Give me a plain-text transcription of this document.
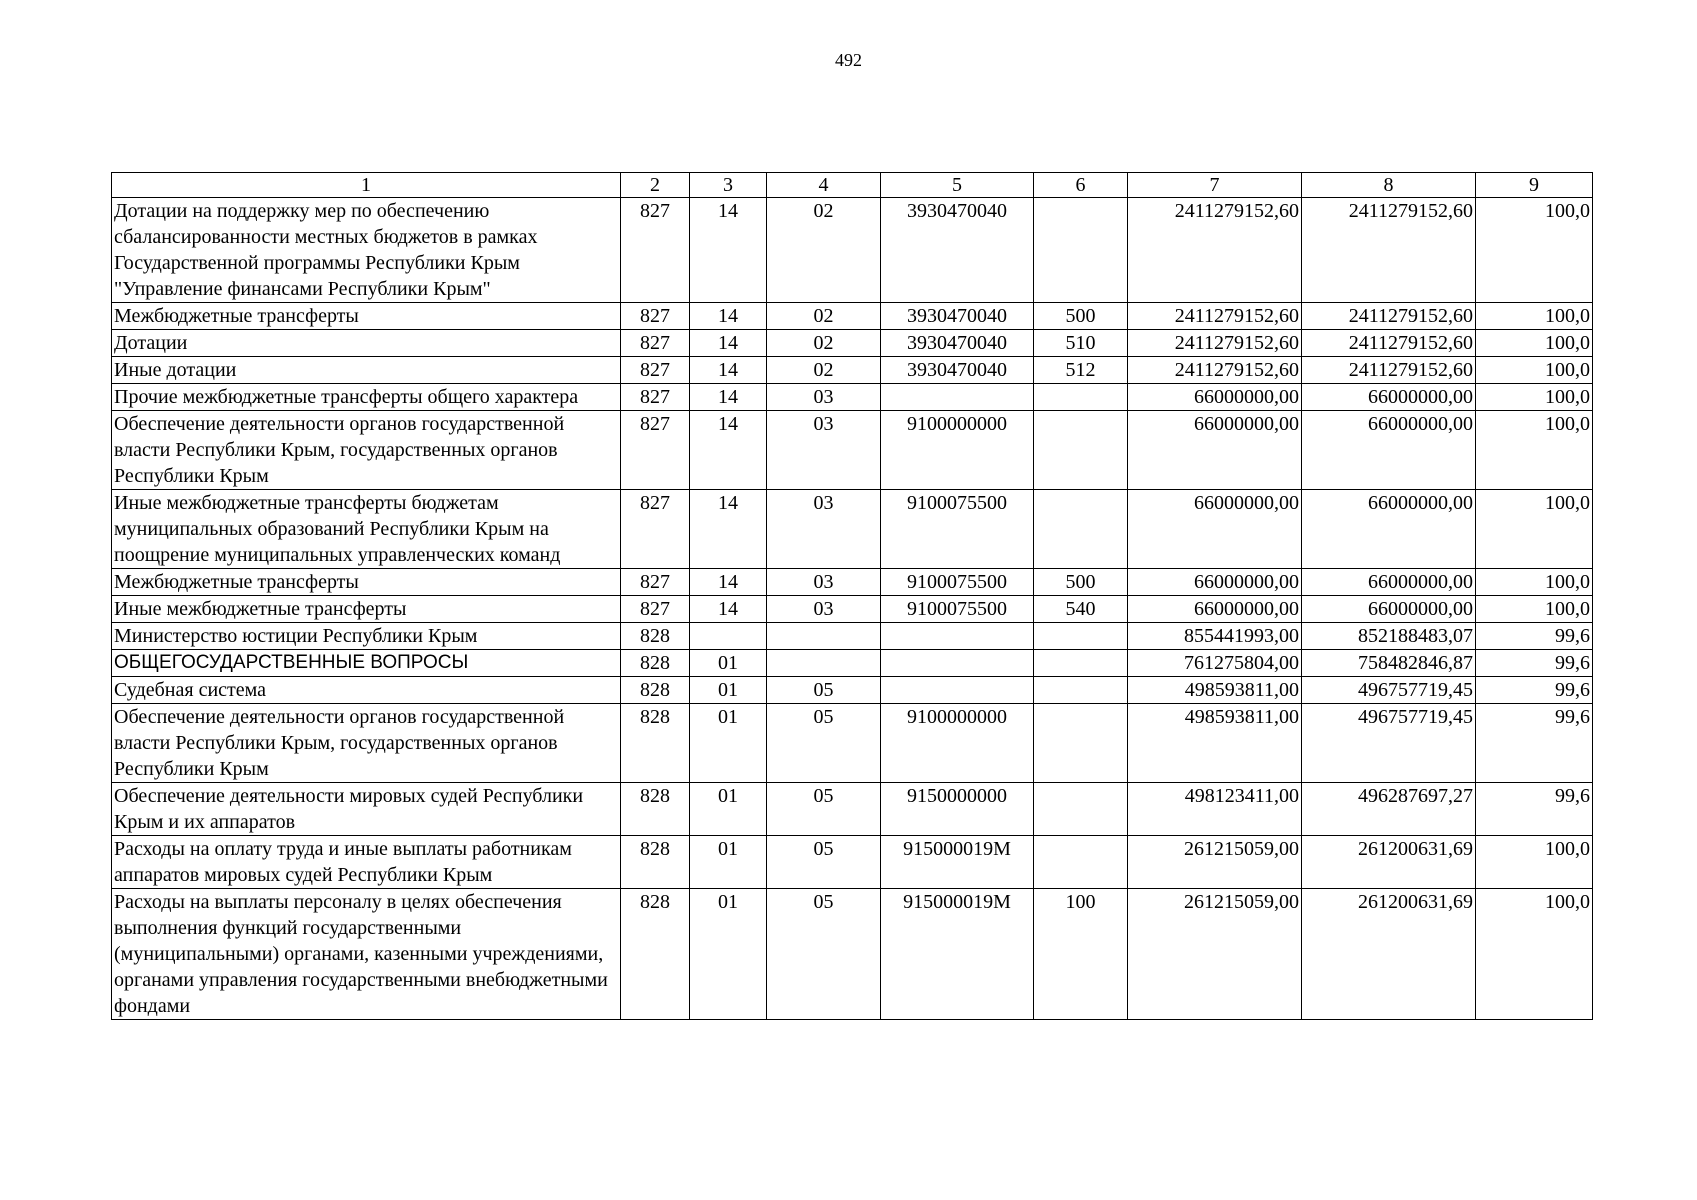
492
1	2	3	4	5	6	7	8	9
Дотации на поддержку мер по обеспечению сбалансированности местных бюджетов в рамках Государственной программы Республики Крым "Управление финансами Республики Крым"	827	14	02	3930470040		2411279152,60	2411279152,60	100,0
Межбюджетные трансферты	827	14	02	3930470040	500	2411279152,60	2411279152,60	100,0
Дотации	827	14	02	3930470040	510	2411279152,60	2411279152,60	100,0
Иные дотации	827	14	02	3930470040	512	2411279152,60	2411279152,60	100,0
Прочие межбюджетные трансферты общего характера	827	14	03			66000000,00	66000000,00	100,0
Обеспечение деятельности органов государственной власти Республики Крым, государственных органов Республики Крым	827	14	03	9100000000		66000000,00	66000000,00	100,0
Иные межбюджетные трансферты бюджетам муниципальных образований Республики Крым на поощрение муниципальных управленческих команд	827	14	03	9100075500		66000000,00	66000000,00	100,0
Межбюджетные трансферты	827	14	03	9100075500	500	66000000,00	66000000,00	100,0
Иные межбюджетные трансферты	827	14	03	9100075500	540	66000000,00	66000000,00	100,0
Министерство юстиции Республики Крым	828					855441993,00	852188483,07	99,6
ОБЩЕГОСУДАРСТВЕННЫЕ ВОПРОСЫ	828	01				761275804,00	758482846,87	99,6
Судебная система	828	01	05			498593811,00	496757719,45	99,6
Обеспечение деятельности органов государственной власти Республики Крым, государственных органов Республики Крым	828	01	05	9100000000		498593811,00	496757719,45	99,6
Обеспечение деятельности мировых судей Республики Крым и их аппаратов	828	01	05	9150000000		498123411,00	496287697,27	99,6
Расходы на оплату труда и иные выплаты работникам аппаратов мировых судей Республики Крым	828	01	05	915000019М		261215059,00	261200631,69	100,0
Расходы на выплаты персоналу в целях обеспечения выполнения функций государственными (муниципальными) органами, казенными учреждениями, органами управления государственными внебюджетными фондами	828	01	05	915000019М	100	261215059,00	261200631,69	100,0
